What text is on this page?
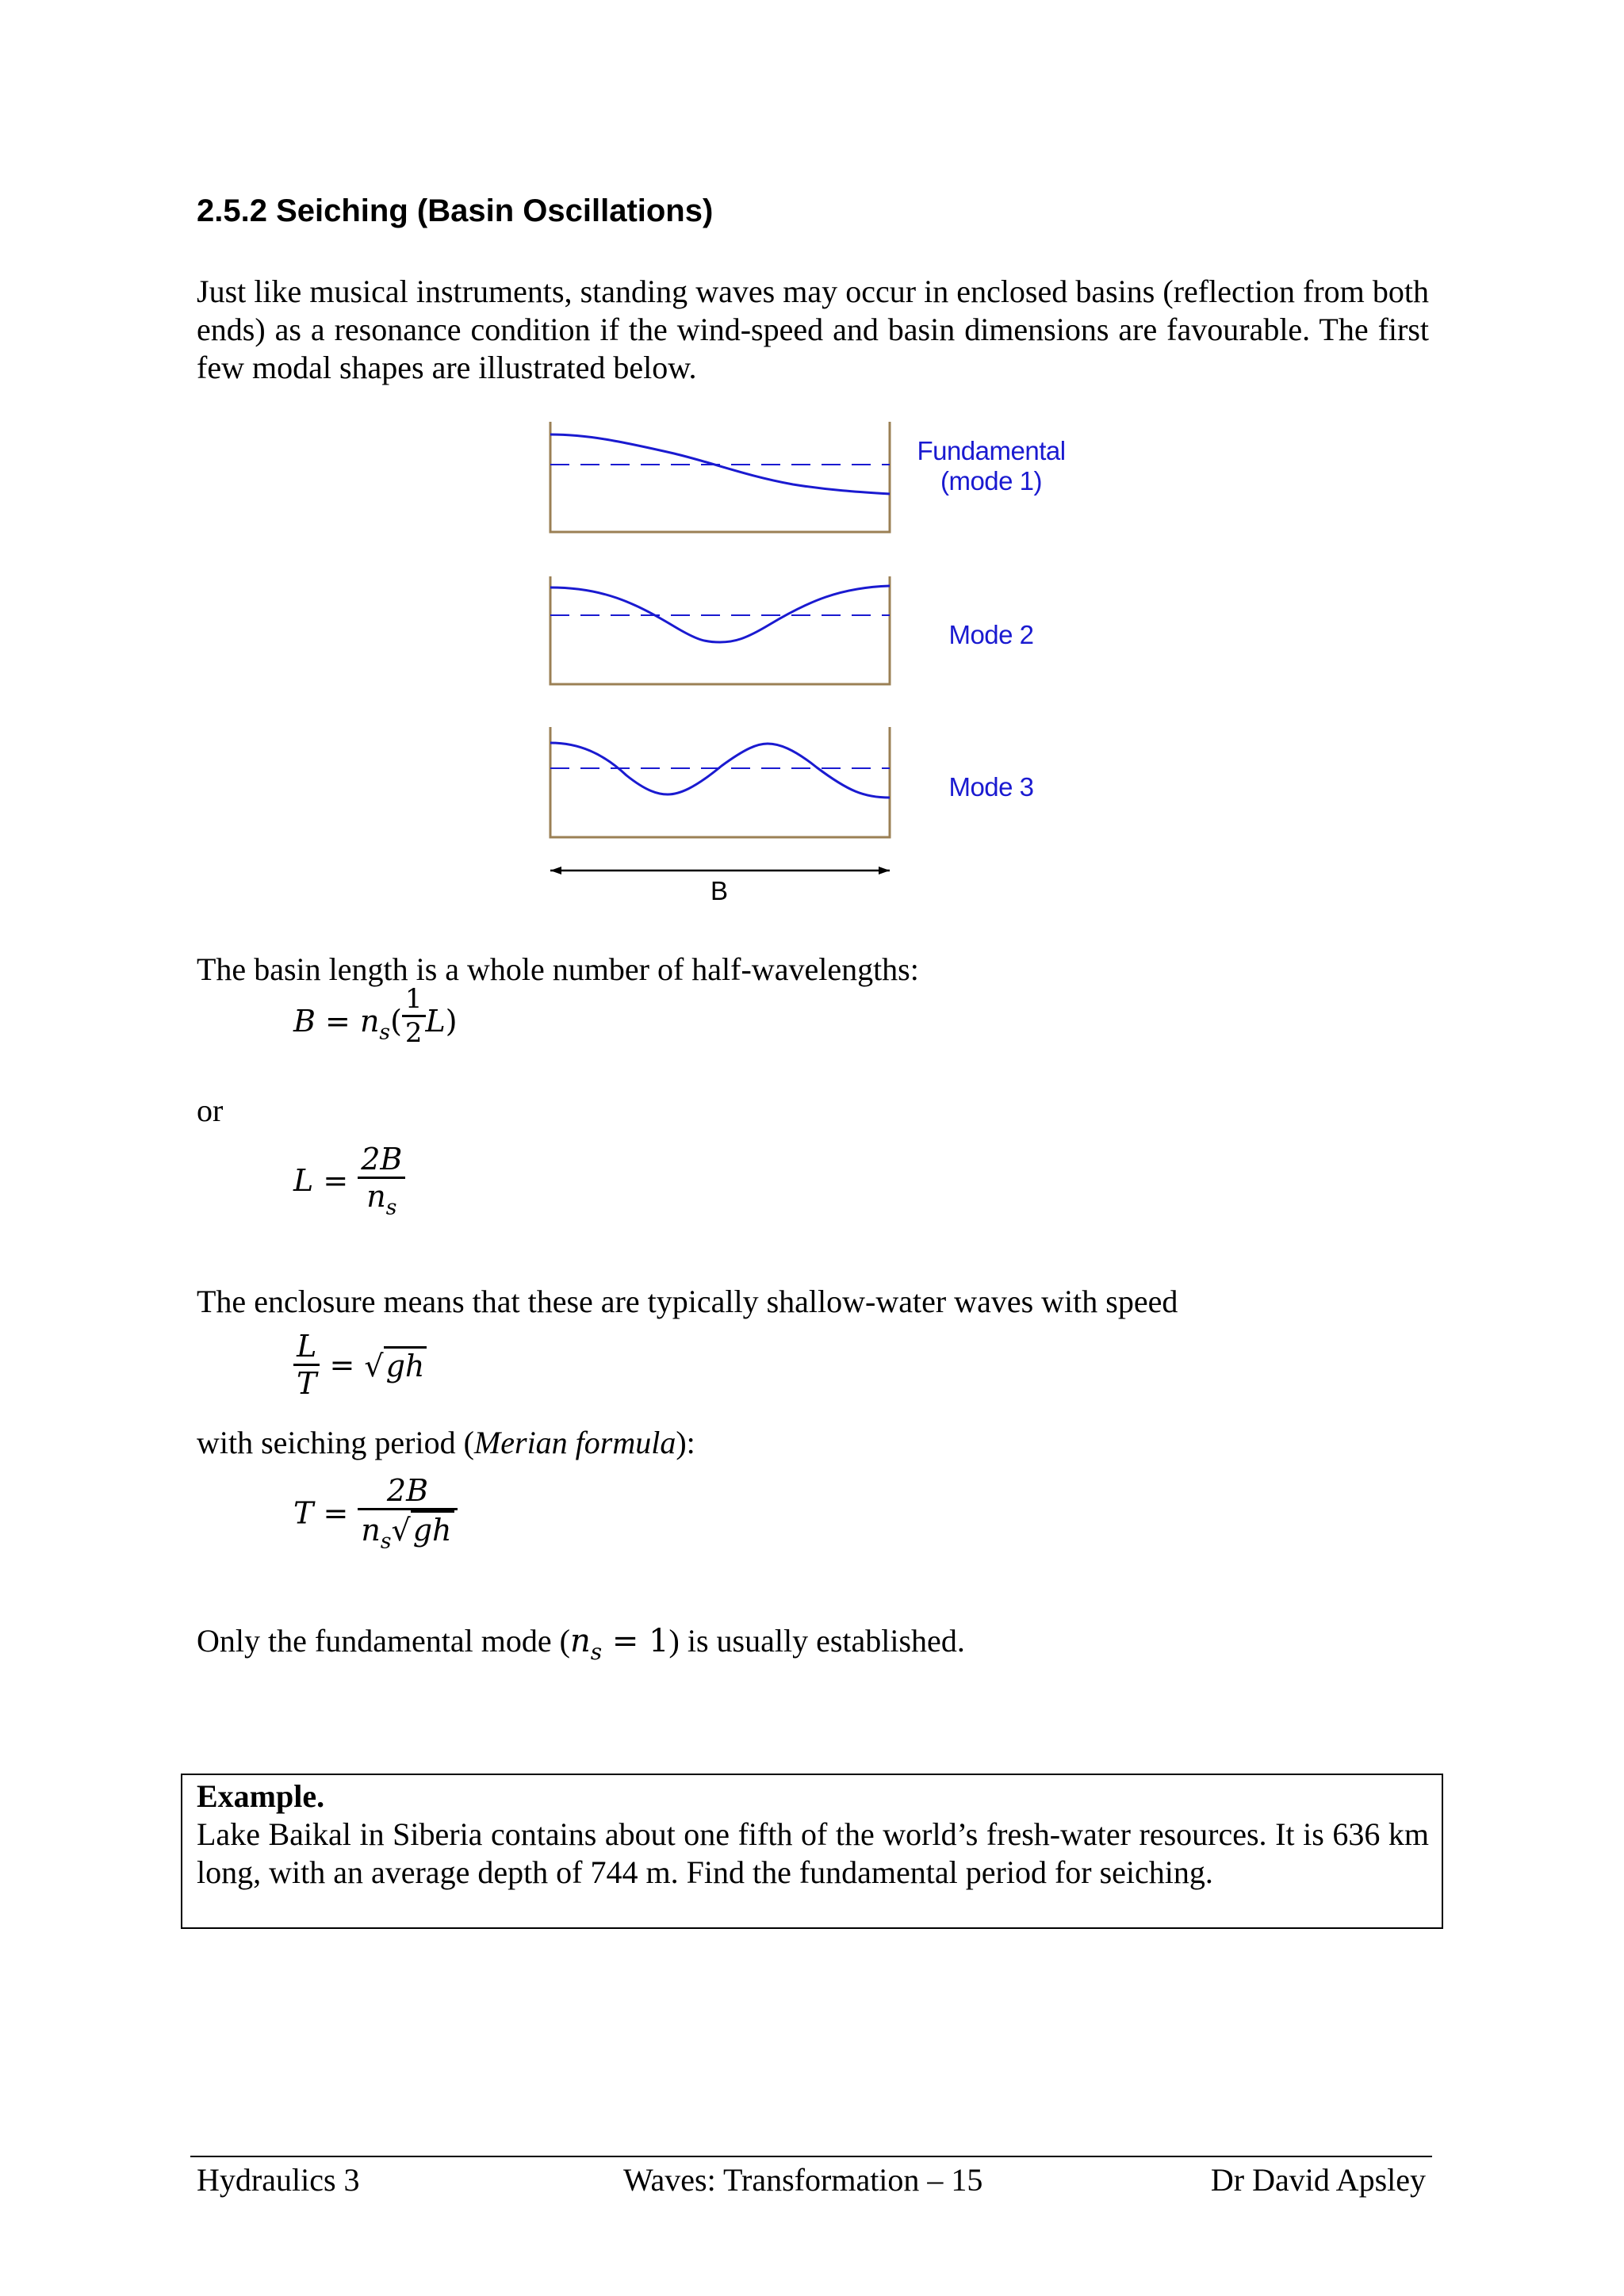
2.5.2 Seiching (Basin Oscillations)
Just like musical instruments, standing waves may occur in enclosed basins (reflection from both ends) as a resonance condition if the wind-speed and basin dimensions are favourable. The first few modal shapes are illustrated below.
B
Fundamental
(mode 1)
Mode 2
Mode 3
The basin length is a whole number of half-wavelengths:
$B = n_s( \frac{1}{2} L)$
or
$L = \frac{2B}{n_s}$
The enclosure means that these are typically shallow-water waves with speed
$\frac{L}{T} = √gh$
with seiching period (Merian formula):
$T = \frac{2B}{n_s√gh}$
Only the fundamental mode $(n_s = 1)$ is usually established.
Example.
Lake Baikal in Siberia contains about one fifth of the world’s fresh-water resources. It is 636 km long, with an average depth of 744 m. Find the fundamental period for seiching.
Hydraulics 3	Waves: Transformation – 15	Dr David Apsley
